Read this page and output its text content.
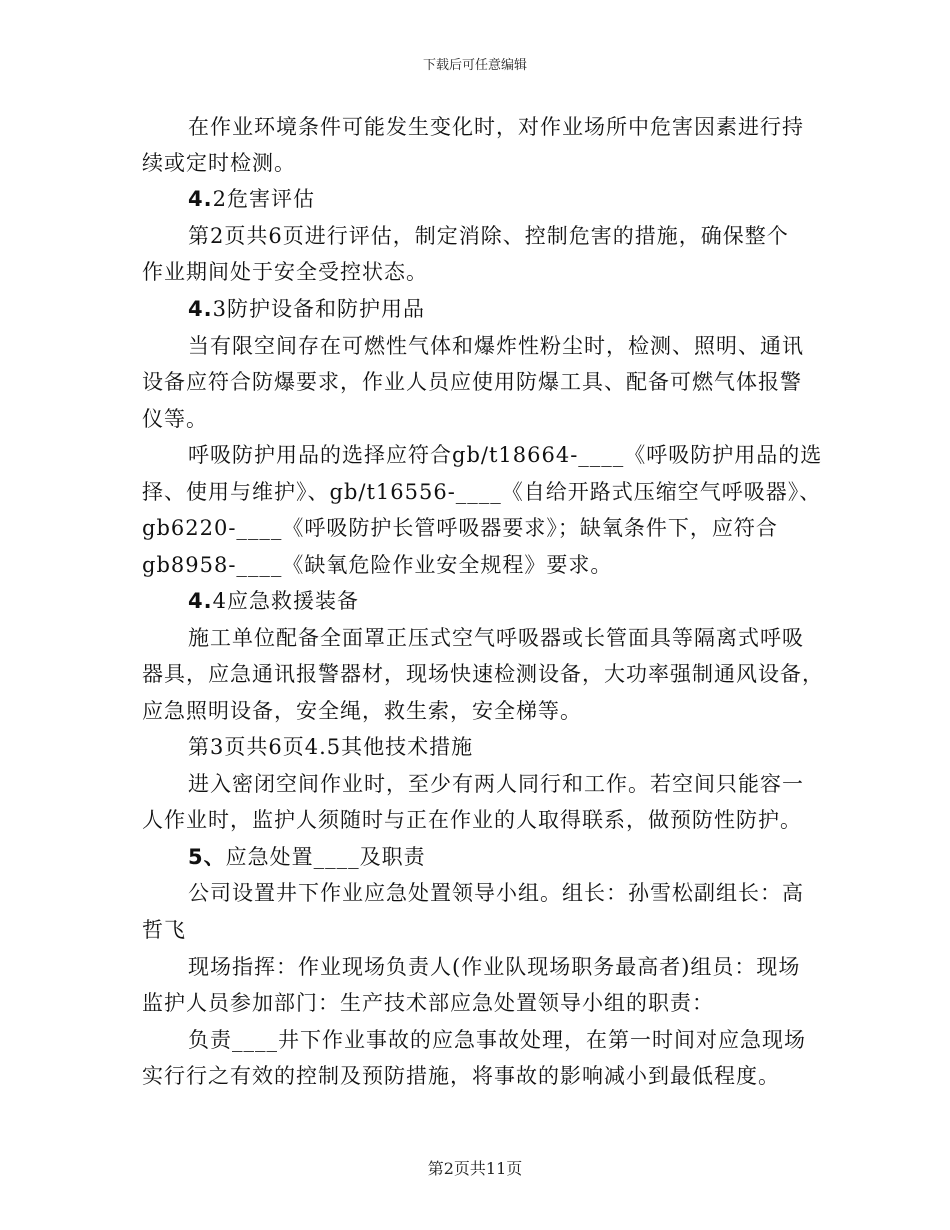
下载后可任意编辑
在作业环境条件可能发生变化时，对作业场所中危害因素进行持
续或定时检测。
4.2危害评估
第2页共6页进行评估，制定消除、控制危害的措施，确保整个
作业期间处于安全受控状态。
4.3防护设备和防护用品
当有限空间存在可燃性气体和爆炸性粉尘时，检测、照明、通讯
设备应符合防爆要求，作业人员应使用防爆工具、配备可燃气体报警
仪等。
呼吸防护用品的选择应符合gb/t18664-____《呼吸防护用品的选
择、使用与维护》、gb/t16556-____《自给开路式压缩空气呼吸器》、
gb6220-____《呼吸防护长管呼吸器要求》；缺氧条件下，应符合
gb8958-____《缺氧危险作业安全规程》要求。
4.4应急救援装备
施工单位配备全面罩正压式空气呼吸器或长管面具等隔离式呼吸
器具，应急通讯报警器材，现场快速检测设备，大功率强制通风设备，
应急照明设备，安全绳，救生索，安全梯等。
第3页共6页4.5其他技术措施
进入密闭空间作业时，至少有两人同行和工作。若空间只能容一
人作业时，监护人须随时与正在作业的人取得联系，做预防性防护。
5、应急处置____及职责
公司设置井下作业应急处置领导小组。组长：孙雪松副组长：高
哲飞
现场指挥：作业现场负责人(作业队现场职务最高者)组员：现场
监护人员参加部门：生产技术部应急处置领导小组的职责：
负责____井下作业事故的应急事故处理，在第一时间对应急现场
实行行之有效的控制及预防措施，将事故的影响减小到最低程度。
第2页共11页
